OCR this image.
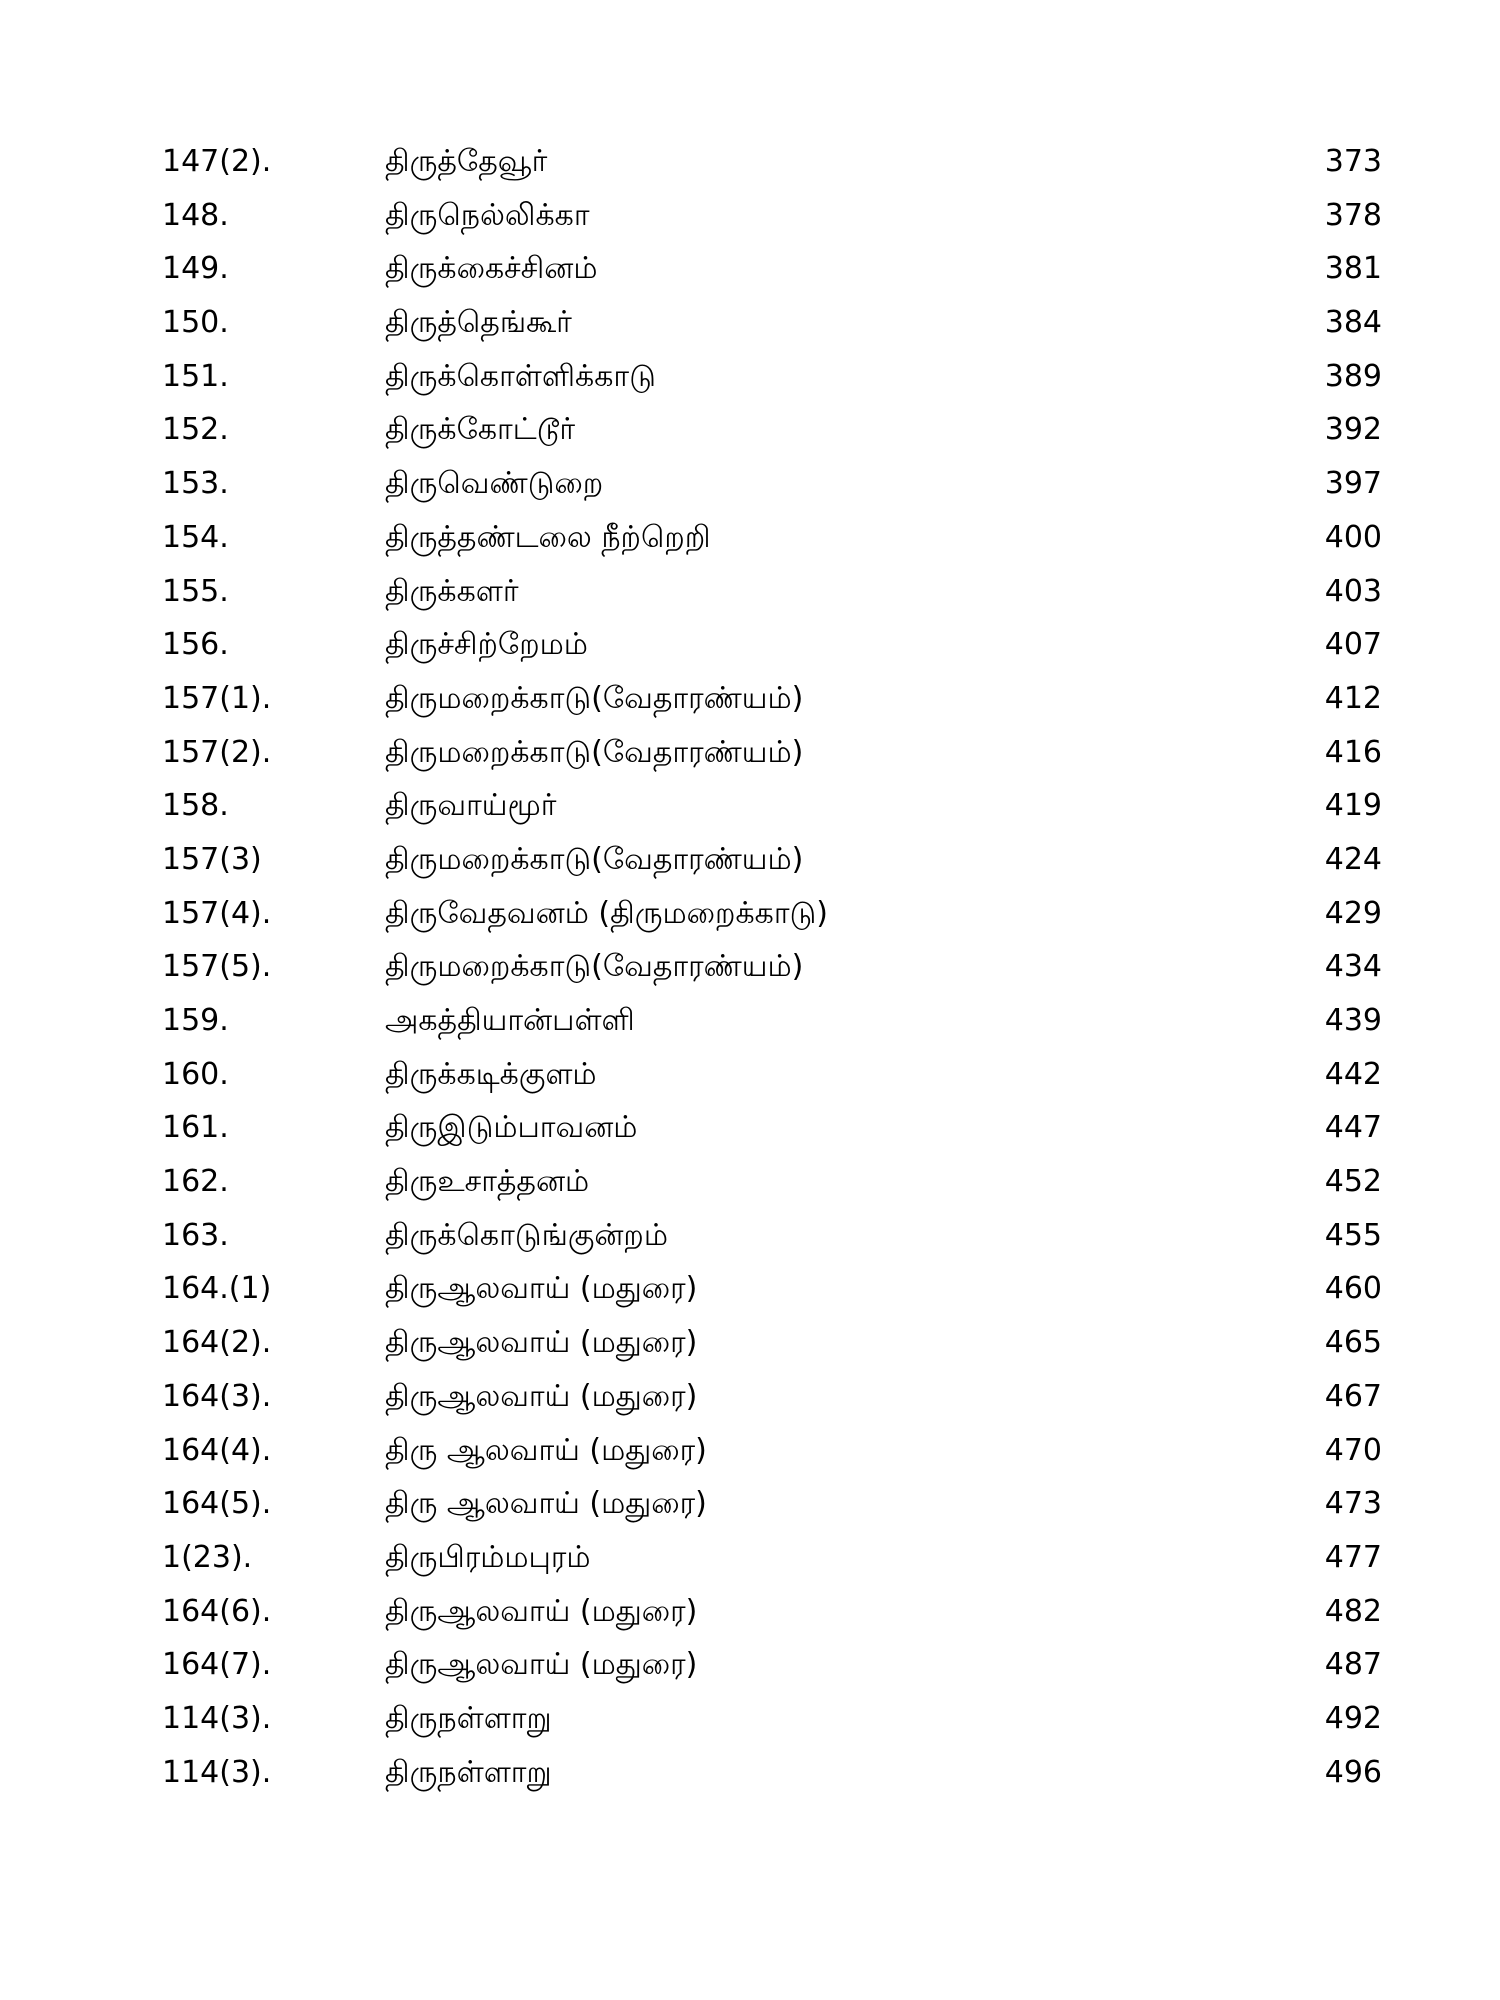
147(2).	திருத்தேவூர்	373
148.	திருநெல்லிக்கா	378
149.	திருக்கைச்சினம்	381
150.	திருத்தெங்கூர்	384
151.	திருக்கொள்ளிக்காடு	389
152.	திருக்கோட்டூர்	392
153.	திருவெண்டுறை	397
154.	திருத்தண்டலை நீற்றெறி	400
155.	திருக்களர்	403
156.	திருச்சிற்றேமம்	407
157(1).	திருமறைக்காடு(வேதாரண்யம்)	412
157(2).	திருமறைக்காடு(வேதாரண்யம்)	416
158.	திருவாய்மூர்	419
157(3)	திருமறைக்காடு(வேதாரண்யம்)	424
157(4).	திருவேதவனம் (திருமறைக்காடு)	429
157(5).	திருமறைக்காடு(வேதாரண்யம்)	434
159.	அகத்தியான்பள்ளி	439
160.	திருக்கடிக்குளம்	442
161.	திருஇடும்பாவனம்	447
162.	திருஉசாத்தனம்	452
163.	திருக்கொடுங்குன்றம்	455
164.(1)	திருஆலவாய் (மதுரை)	460
164(2).	திருஆலவாய் (மதுரை)	465
164(3).	திருஆலவாய் (மதுரை)	467
164(4).	திரு ஆலவாய் (மதுரை)	470
164(5).	திரு ஆலவாய் (மதுரை)	473
1(23).	திருபிரம்மபுரம்	477
164(6).	திருஆலவாய் (மதுரை)	482
164(7).	திருஆலவாய் (மதுரை)	487
114(3).	திருநள்ளாறு	492
114(3).	திருநள்ளாறு	496
